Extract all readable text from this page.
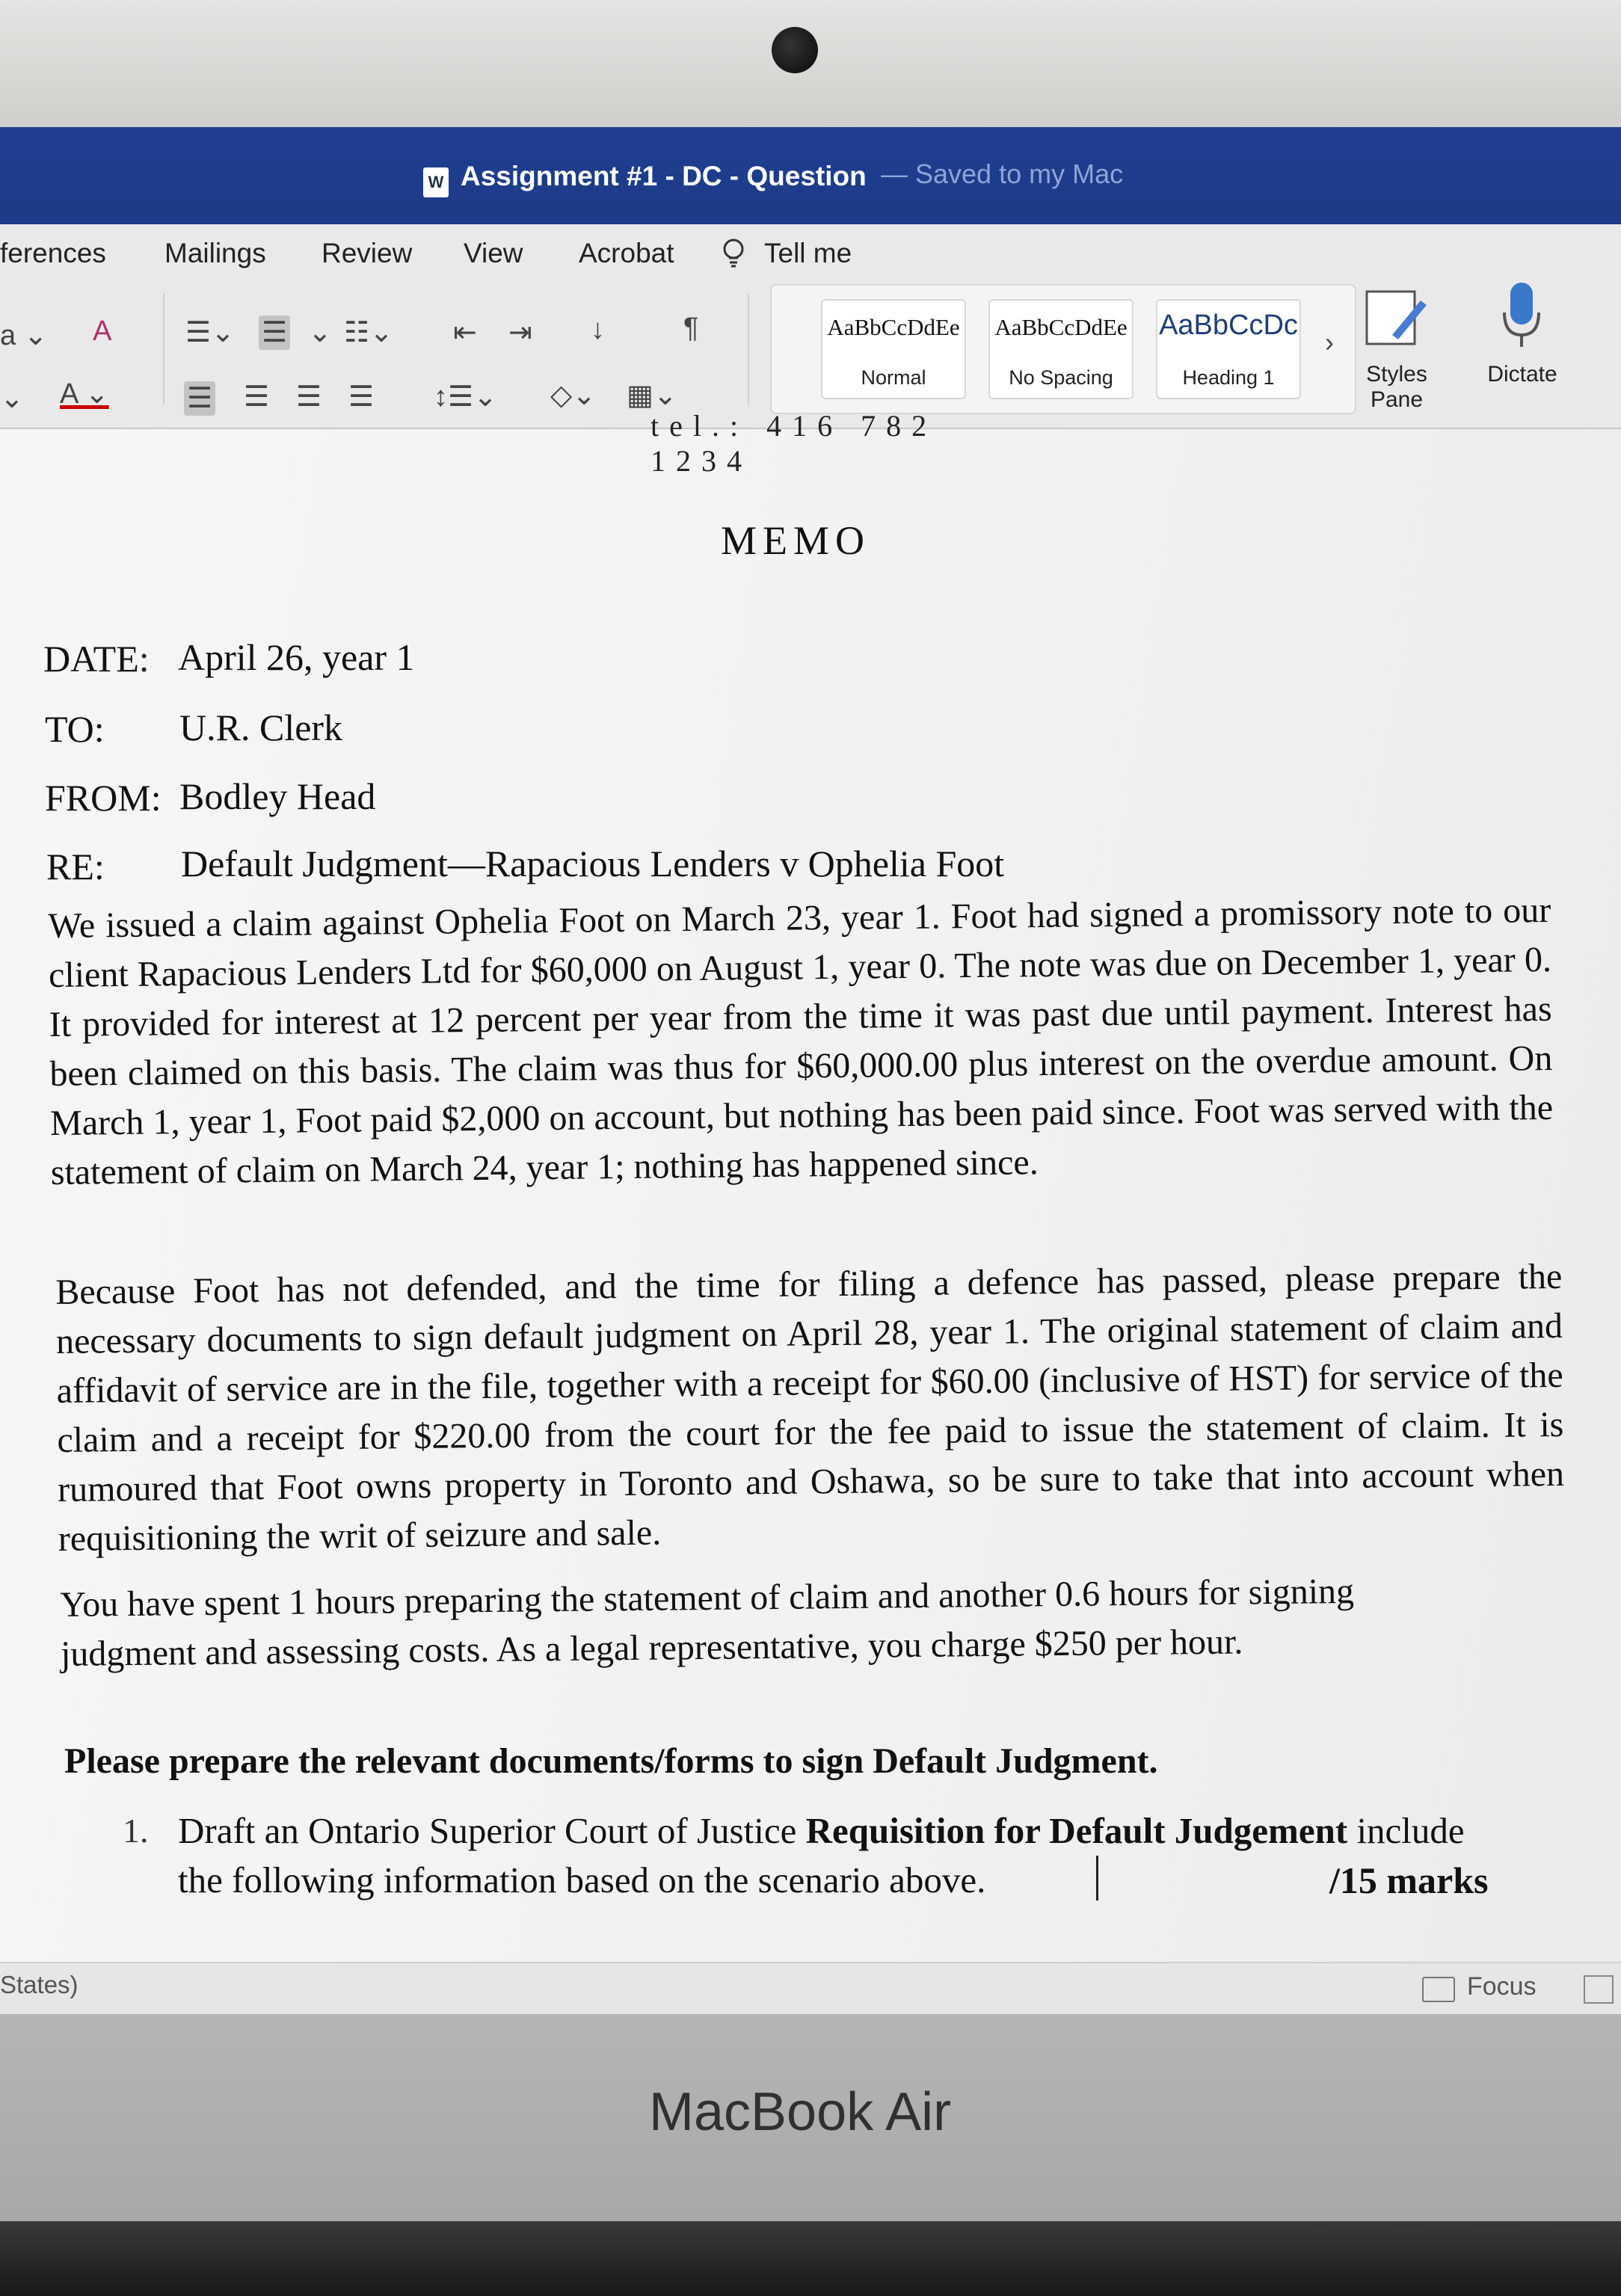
W Assignment #1 - DC - Question — Saved to my Mac
ferences Mailings Review View Acrobat	Tell me
a ⌄ A
⌄ A ⌄
☰⌄ ☰ ⌄ ☷⌄ ⇤ ⇥ ↓	¶
☰ ☰ ☰ ☰ ↕☰⌄ ◇⌄ ▦⌄
AaBbCcDdEe
Normal
AaBbCcDdEe
No Spacing
AaBbCcDc
Heading 1
›
Styles
Pane
Dictate
tel.: 416 782 1234
MEMO
DATE: April 26, year 1
TO: U.R. Clerk
FROM: Bodley Head
RE: Default Judgment—Rapacious Lenders v Ophelia Foot
We issued a claim against Ophelia Foot on March 23, year 1. Foot had signed a promissory note to our client Rapacious Lenders Ltd for $60,000 on August 1, year 0. The note was due on December 1, year 0. It provided for interest at 12 percent per year from the time it was past due until payment. Interest has been claimed on this basis. The claim was thus for $60,000.00 plus interest on the overdue amount. On March 1, year 1, Foot paid $2,000 on account, but nothing has been paid since. Foot was served with the statement of claim on March 24, year 1; nothing has happened since.
Because Foot has not defended, and the time for filing a defence has passed, please prepare the necessary documents to sign default judgment on April 28, year 1. The original statement of claim and affidavit of service are in the file, together with a receipt for $60.00 (inclusive of HST) for service of the claim and a receipt for $220.00 from the court for the fee paid to issue the statement of claim. It is rumoured that Foot owns property in Toronto and Oshawa, so be sure to take that into account when requisitioning the writ of seizure and sale.
You have spent 1 hours preparing the statement of claim and another 0.6 hours for signing judgment and assessing costs. As a legal representative, you charge $250 per hour.
Please prepare the relevant documents/forms to sign Default Judgment.
1. Draft an Ontario Superior Court of Justice Requisition for Default Judgement include
the following information based on the scenario above.	/15 marks
States)	Focus
MacBook Air
